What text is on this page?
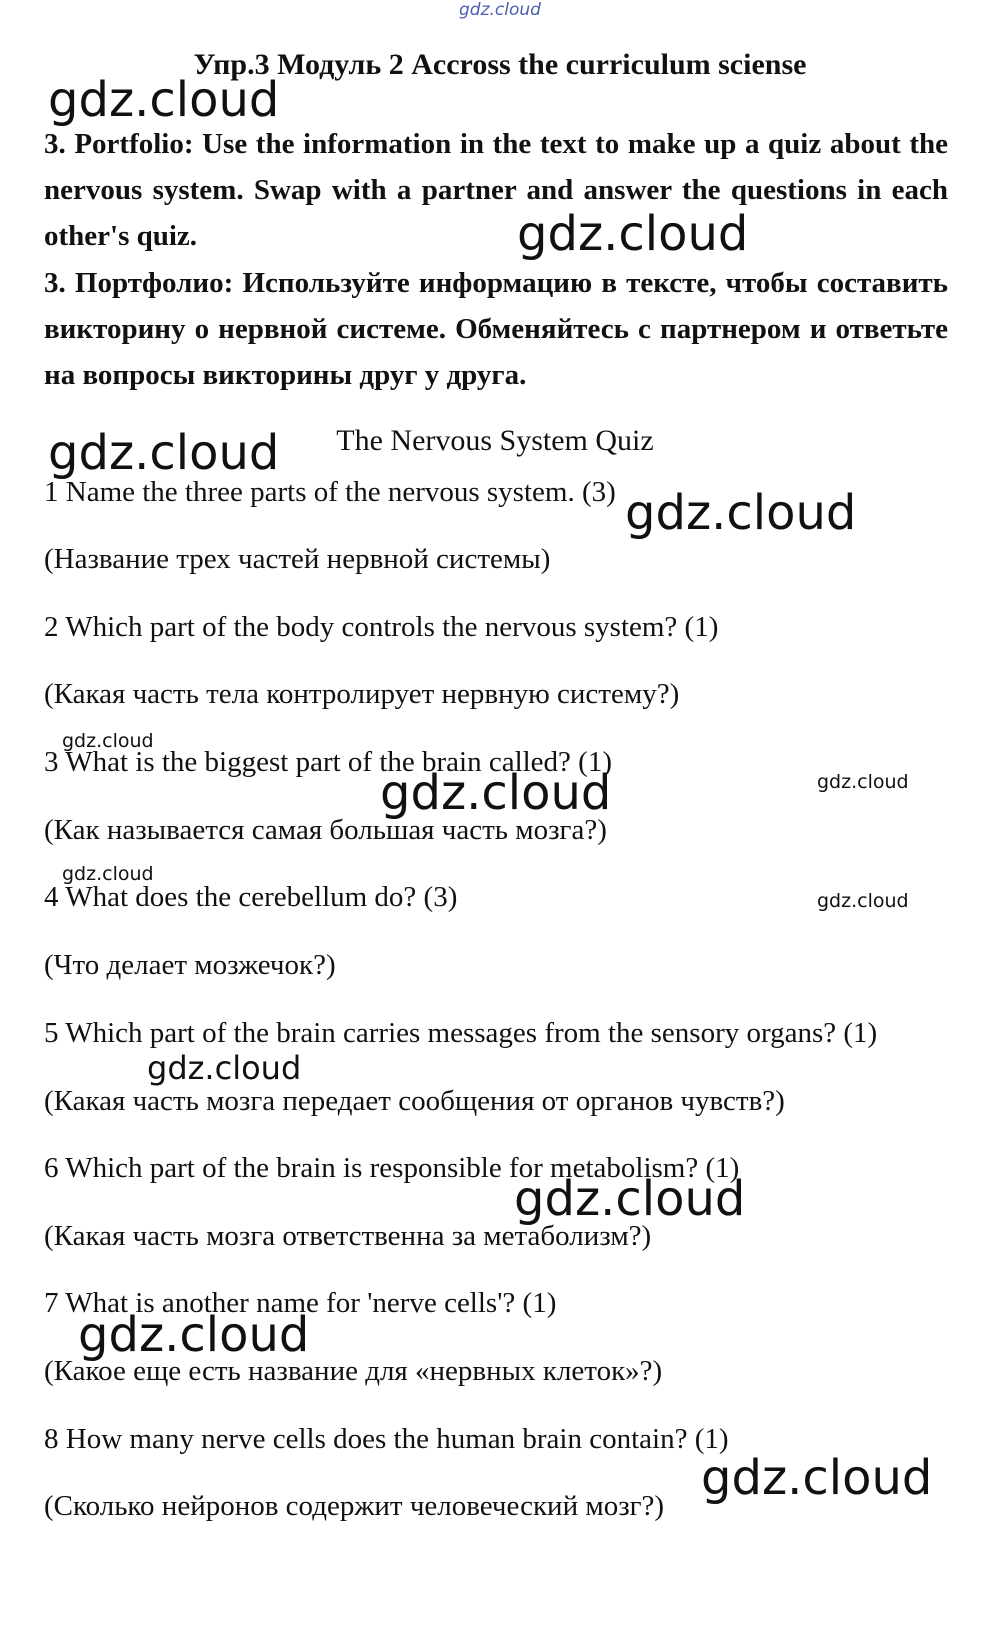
gdz.cloud
Упр.3 Модуль 2 Accross the curriculum sciense
3. Portfolio: Use the information in the text to make up a quiz about the nervous system. Swap with a partner and answer the questions in each other's quiz.
3. Портфолио: Используйте информацию в тексте, чтобы составить викторину о нервной системе. Обменяйтесь с партнером и ответьте на вопросы викторины друг у друга.
The Nervous System Quiz
1 Name the three parts of the nervous system. (3)
(Название трех частей нервной системы)
2 Which part of the body controls the nervous system? (1)
(Какая часть тела контролирует нервную систему?)
3 What is the biggest part of the brain called? (1)
(Как называется самая большая часть мозга?)
4 What does the cerebellum do? (3)
(Что делает мозжечок?)
5 Which part of the brain carries messages from the sensory organs? (1)
(Какая часть мозга передает сообщения от органов чувств?)
6 Which part of the brain is responsible for metabolism? (1)
(Какая часть мозга ответственна за метаболизм?)
7 What is another name for 'nerve cells'? (1)
(Какое еще есть название для «нервных клеток»?)
8 How many nerve cells does the human brain contain? (1)
(Сколько нейронов содержит человеческий мозг?)
gdz.cloud
gdz.cloud
gdz.cloud
gdz.cloud
gdz.cloud
gdz.cloud
gdz.cloud
gdz.cloud
gdz.cloud
gdz.cloud
gdz.cloud
gdz.cloud
gdz.cloud
